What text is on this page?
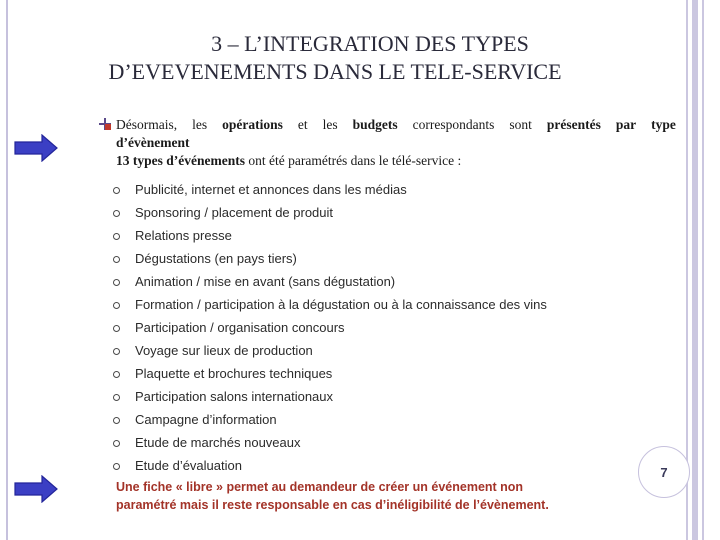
3 – L’INTEGRATION DES TYPES
D’EVEVENEMENTS DANS LE TELE-SERVICE
Désormais, les opérations et les budgets correspondants sont présentés par type
d’évènement
13 types d’événements ont été paramétrés dans le télé-service :
Publicité, internet et annonces dans les médias
Sponsoring / placement de produit
Relations presse
Dégustations (en pays tiers)
Animation / mise en avant (sans dégustation)
Formation / participation à la dégustation ou à la connaissance des vins
Participation / organisation concours
Voyage sur lieux de production
Plaquette et brochures techniques
Participation salons internationaux
Campagne d’information
Etude de marchés nouveaux
Etude d’évaluation
Une fiche « libre » permet au demandeur de créer un événement non
paramétré mais il reste responsable en cas d’inéligibilité de l’évènement.
7
